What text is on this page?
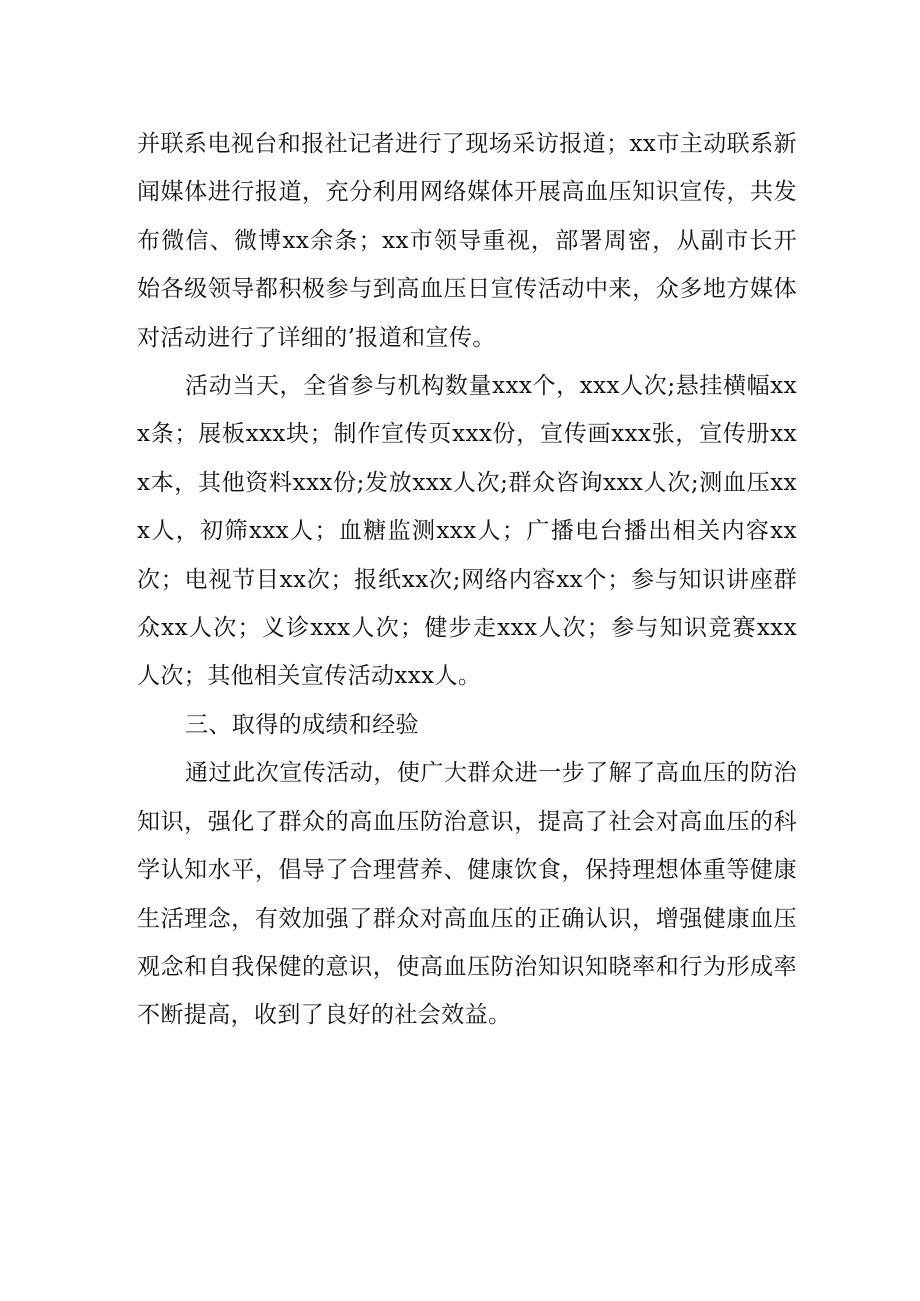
并联系电视台和报社记者进行了现场采访报道；xx市主动联系新闻媒体进行报道，充分利用网络媒体开展高血压知识宣传，共发布微信、微博xx余条；xx市领导重视，部署周密，从副市长开始各级领导都积极参与到高血压日宣传活动中来，众多地方媒体对活动进行了详细的’报道和宣传。

活动当天，全省参与机构数量xxx个，xxx人次;悬挂横幅xxx条；展板xxx块；制作宣传页xxx份，宣传画xxx张，宣传册xxx本，其他资料xxx份;发放xxx人次;群众咨询xxx人次;测血压xxx人，初筛xxx人；血糖监测xxx人；广播电台播出相关内容xx次；电视节目xx次；报纸xx次;网络内容xx个；参与知识讲座群众xx人次；义诊xxx人次；健步走xxx人次；参与知识竞赛xxx人次；其他相关宣传活动xxx人。

三、取得的成绩和经验

通过此次宣传活动，使广大群众进一步了解了高血压的防治知识，强化了群众的高血压防治意识，提高了社会对高血压的科学认知水平，倡导了合理营养、健康饮食，保持理想体重等健康生活理念，有效加强了群众对高血压的正确认识，增强健康血压观念和自我保健的意识，使高血压防治知识知晓率和行为形成率不断提高，收到了良好的社会效益。
